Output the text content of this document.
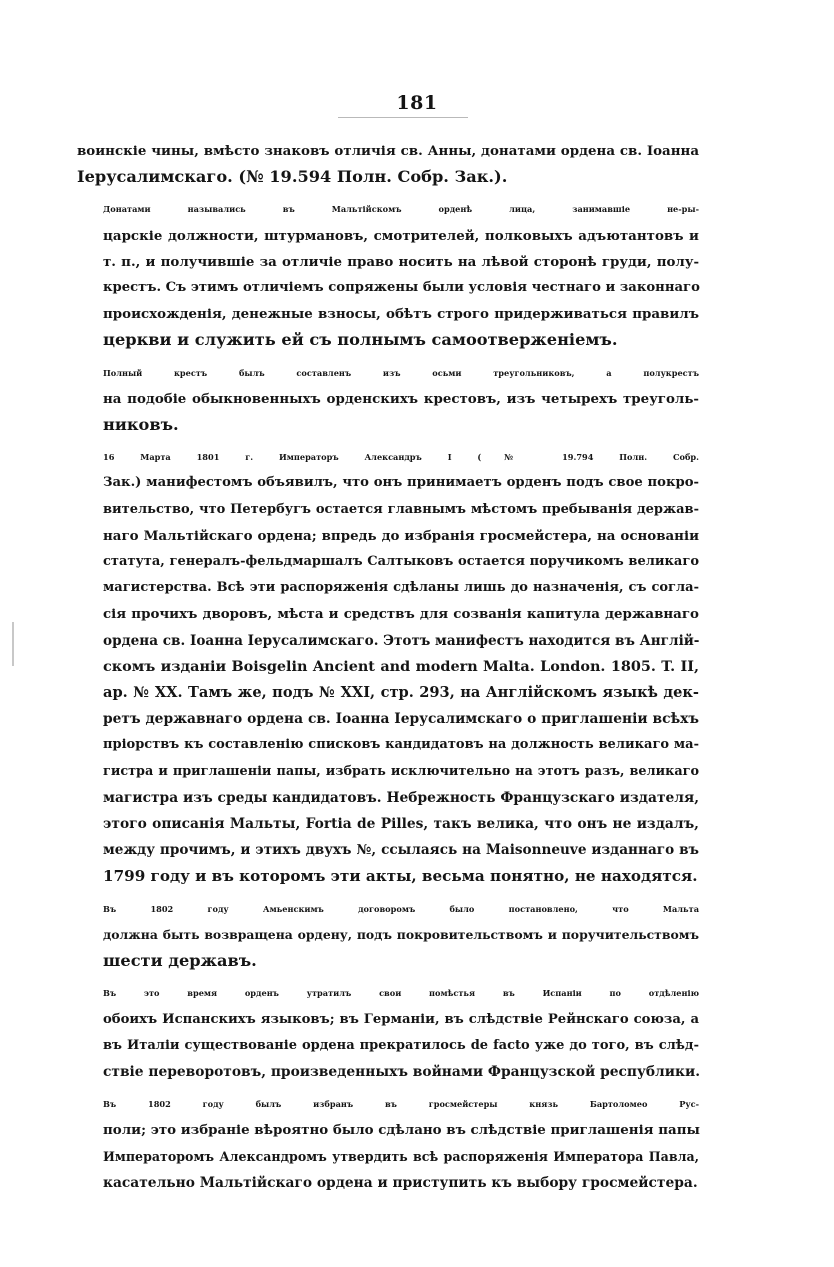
181
воинскіе чины, вмѣсто знаковъ отличія св. Анны, донатами ордена св. Іоанна
Іерусалимскаго. (№ 19.594 Полн. Собр. Зак.).
Донатами назывались въ Мальтійскомъ орденѣ лица, занимавшіе не-ры-
царскіе должности, штурмановъ, смотрителей, полковыхъ адъютантовъ и
т. п., и получившіе за отличіе право носить на лѣвой сторонѣ груди, полу-
крестъ. Съ этимъ отличіемъ сопряжены были условія честнаго и законнаго
происхожденія, денежные взносы, обѣтъ строго придерживаться правилъ
церкви и служить ей съ полнымъ самоотверженіемъ.
Полный крестъ былъ составленъ изъ осьми треугольниковъ, а полукрестъ
на подобіе обыкновенныхъ орденскихъ крестовъ, изъ четырехъ треуголь-
никовъ.
16 Марта 1801 г. Императоръ Александръ I (№ 19.794 Полн. Собр.
Зак.) манифестомъ объявилъ, что онъ принимаетъ орденъ подъ свое покро-
вительство, что Петербугъ остается главнымъ мѣстомъ пребыванія держав-
наго Мальтійскаго ордена; впредь до избранія гросмейстера, на основаніи
статута, генералъ-фельдмаршалъ Салтыковъ остается поручикомъ великаго
магистерства. Всѣ эти распоряженія сдѣланы лишь до назначенія, съ согла-
сія прочихъ дворовъ, мѣста и средствъ для созванія капитула державнаго
ордена св. Іоанна Іерусалимскаго. Этотъ манифестъ находится въ Англій-
скомъ изданіи Boisgelin Ancient and modern Malta. London. 1805. T. II,
ар. № XX. Тамъ же, подъ № XXI, стр. 293, на Англійскомъ языкѣ дек-
ретъ державнаго ордена св. Іоанна Іерусалимскаго о приглашеніи всѣхъ
пріорствъ къ составленію списковъ кандидатовъ на должность великаго ма-
гистра и приглашеніи папы, избрать исключительно на этотъ разъ, великаго
магистра изъ среды кандидатовъ. Небрежность Французскаго издателя,
этого описанія Мальты, Fortia de Pilles, такъ велика, что онъ не издалъ,
между прочимъ, и этихъ двухъ №, ссылаясь на Maisonneuve изданнаго въ
1799 году и въ которомъ эти акты, весьма понятно, не находятся.
Въ 1802 году Амьенскимъ договоромъ было постановлено, что Мальта
должна быть возвращена ордену, подъ покровительствомъ и поручительствомъ
шести державъ.
Въ это время орденъ утратилъ свои помѣстья въ Испаніи по отдѣленію
обоихъ Испанскихъ языковъ; въ Германіи, въ слѣдствіе Рейнскаго союза, а
въ Италіи существованіе ордена прекратилось de facto уже до того, въ слѣд-
ствіе переворотовъ, произведенныхъ войнами Французской республики.
Въ 1802 году былъ избранъ въ гросмейстеры князь Бартоломео Рус-
поли; это избраніе вѣроятно было сдѣлано въ слѣдствіе приглашенія папы
Императоромъ Александромъ утвердить всѣ распоряженія Императора Павла,
касательно Мальтійскаго ордена и приступить къ выбору гросмейстера.
